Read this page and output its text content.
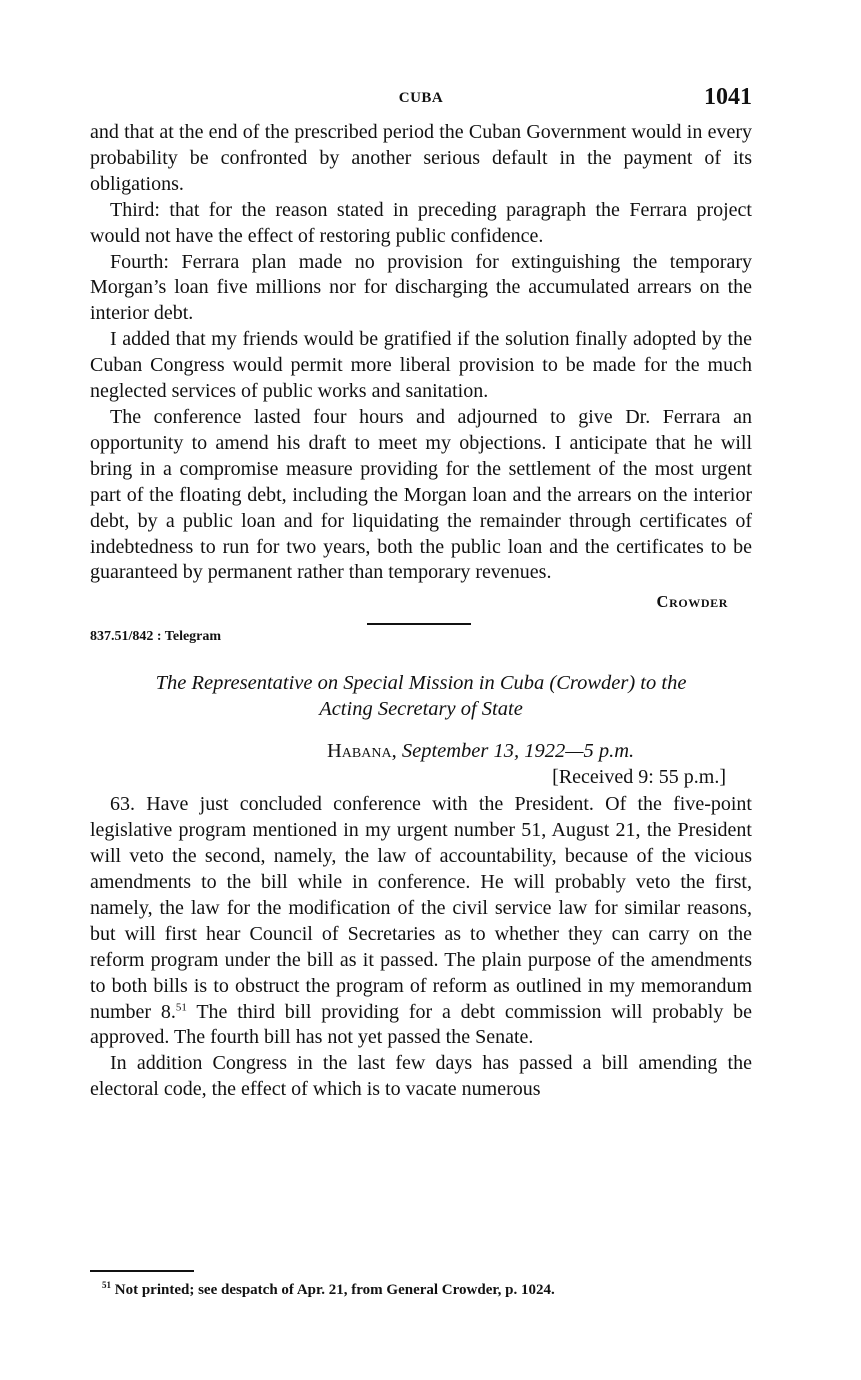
CUBA	1041

and that at the end of the prescribed period the Cuban Government would in every probability be confronted by another serious default in the payment of its obligations.

Third: that for the reason stated in preceding paragraph the Ferrara project would not have the effect of restoring public confidence.

Fourth: Ferrara plan made no provision for extinguishing the temporary Morgan’s loan five millions nor for discharging the accumulated arrears on the interior debt.

I added that my friends would be gratified if the solution finally adopted by the Cuban Congress would permit more liberal provision to be made for the much neglected services of public works and sanitation.

The conference lasted four hours and adjourned to give Dr. Ferrara an opportunity to amend his draft to meet my objections. I anticipate that he will bring in a compromise measure providing for the settlement of the most urgent part of the floating debt, including the Morgan loan and the arrears on the interior debt, by a public loan and for liquidating the remainder through certificates of indebtedness to run for two years, both the public loan and the certificates to be guaranteed by permanent rather than temporary revenues.

Crowder
837.51/842 : Telegram
The Representative on Special Mission in Cuba (Crowder) to the
Acting Secretary of State
Habana, September 13, 1922—5 p.m.
[Received 9: 55 p.m.]

63. Have just concluded conference with the President. Of the five-point legislative program mentioned in my urgent number 51, August 21, the President will veto the second, namely, the law of accountability, because of the vicious amendments to the bill while in conference. He will probably veto the first, namely, the law for the modification of the civil service law for similar reasons, but will first hear Council of Secretaries as to whether they can carry on the reform program under the bill as it passed. The plain purpose of the amendments to both bills is to obstruct the program of reform as outlined in my memorandum number 8.51 The third bill providing for a debt commission will probably be approved. The fourth bill has not yet passed the Senate.

In addition Congress in the last few days has passed a bill amending the electoral code, the effect of which is to vacate numerous

$^{51}$ Not printed; see despatch of Apr. 21, from General Crowder, p. 1024.
